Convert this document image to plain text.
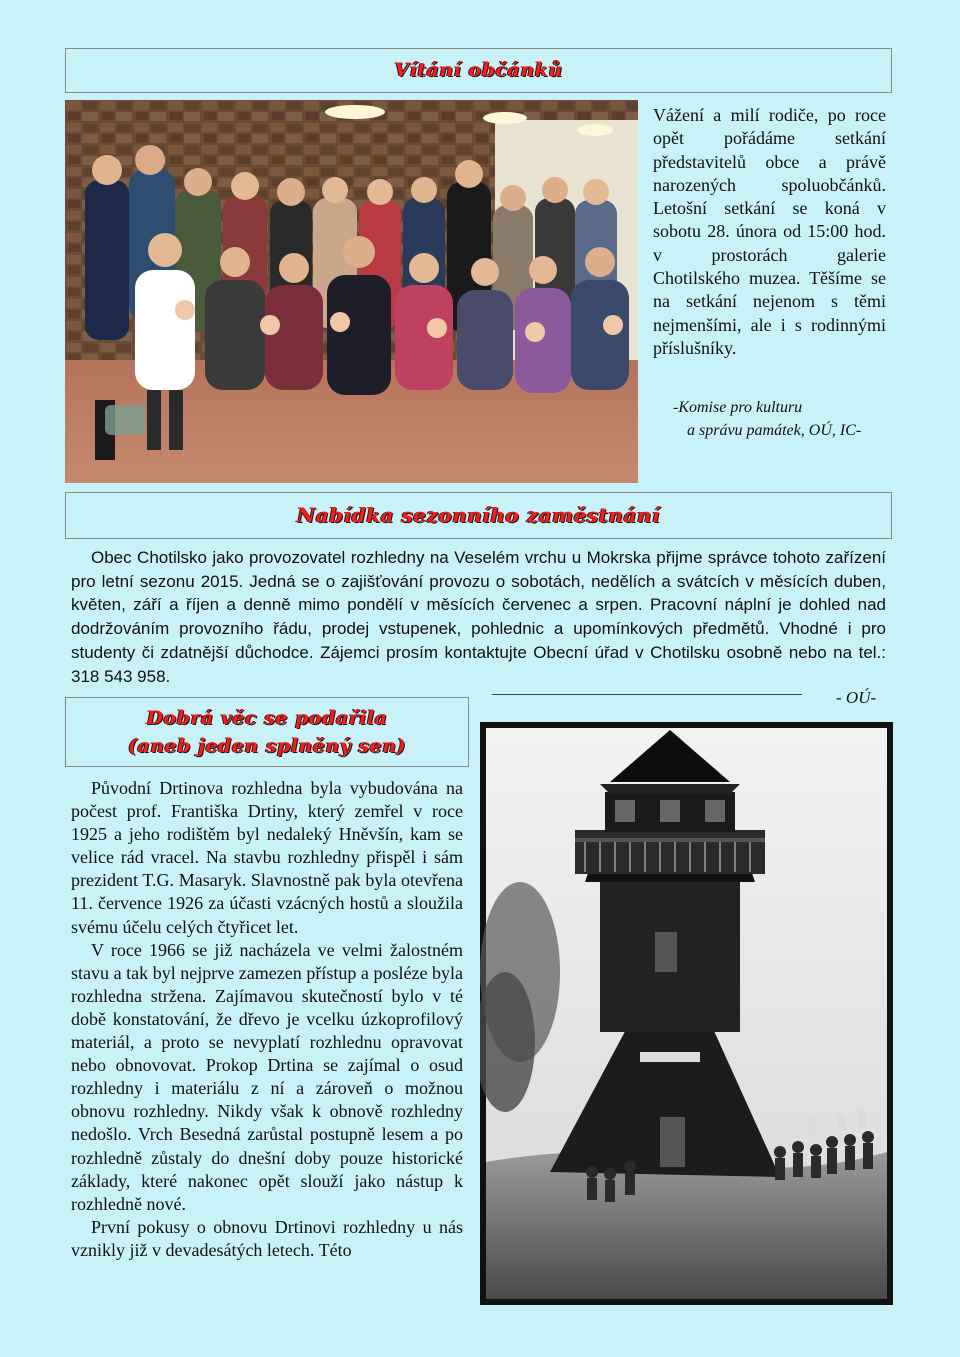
Vítání občánků
Vážení a milí rodiče, po roce opět pořádáme setkání představitelů obce a právě narozených spoluobčánků. Letošní setkání se koná v sobotu 28. února od 15:00 hod. v prostorách galerie Chotilského muzea. Těšíme se na setkání nejenom s těmi nejmenšími, ale i s rodinnými příslušníky.
-Komise pro kulturu
a správu památek, OÚ, IC-
Nabídka sezonního zaměstnání

Obec Chotilsko jako provozovatel rozhledny na Veselém vrchu u Mokrska přijme správce tohoto zařízení pro letní sezonu 2015. Jedná se o zajišťování provozu o sobotách, nedělích a svátcích v měsících duben, květen, září a říjen a denně mimo pondělí v měsících červenec a srpen. Pracovní náplní je dohled nad dodržováním provozního řádu, prodej vstupenek, pohlednic a upomínkových předmětů. Vhodné i pro studenty či zdatnější důchodce. Zájemci prosím kontaktujte Obecní úřad v Chotilsku osobně nebo na tel.: 318 543 958.

- OÚ-
Dobrá věc se podařila
(aneb jeden splněný sen)

Původní Drtinova rozhledna byla vybudována na počest prof. Františka Drtiny, který zemřel v roce 1925 a jeho rodištěm byl nedaleký Hněvšín, kam se velice rád vracel. Na stavbu rozhledny přispěl i sám prezident T.G. Masaryk. Slavnostně pak byla otevřena 11. července 1926 za účasti vzácných hostů a sloužila svému účelu celých čtyřicet let.

V roce 1966 se již nacházela ve velmi žalostném stavu a tak byl nejprve zamezen přístup a posléze byla rozhledna stržena. Zajímavou skutečností bylo v té době konstatování, že dřevo je vcelku úzkoprofilový materiál, a proto se nevyplatí rozhlednu opravovat nebo obnovovat. Prokop Drtina se zajímal o osud rozhledny i materiálu z ní a zároveň o možnou obnovu rozhledny. Nikdy však k obnově rozhledny nedošlo. Vrch Besedná zarůstal postupně lesem a po rozhledně zůstaly do dnešní doby pouze historické základy, které nakonec opět slouží jako nástup k rozhledně nové.

První pokusy o obnovu Drtinovi rozhledny u nás vznikly již v devadesátých letech. Této
